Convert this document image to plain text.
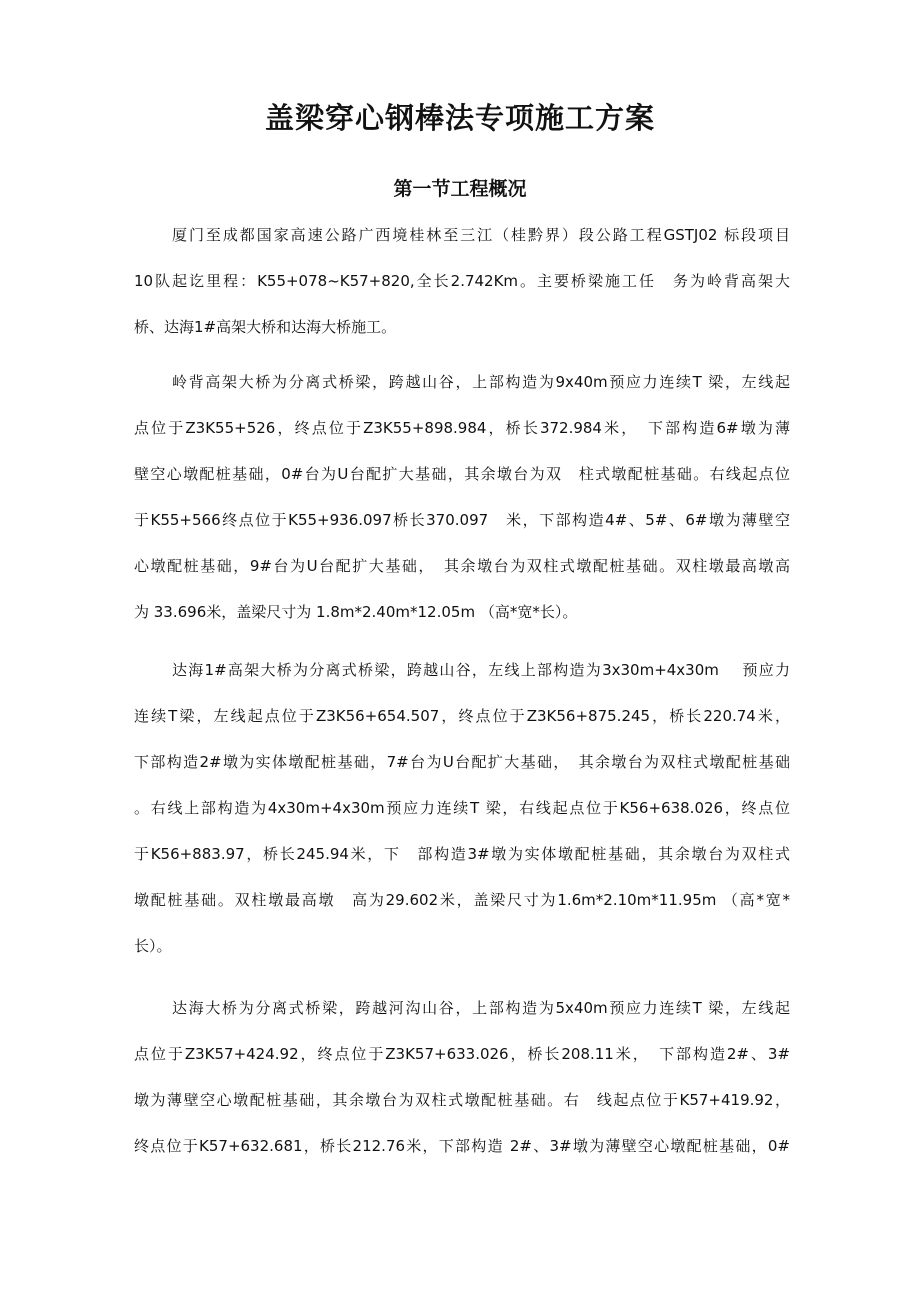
盖梁穿心钢棒法专项施工方案
第一节工程概况
厦门至成都国家高速公路广西境桂林至三江（桂黔界）段公路工程GSTJ02 标段项目
10队起讫里程：K55+078~K57+820,全长2.742Km。主要桥梁施工任　务为岭背高架大
桥、达海1#高架大桥和达海大桥施工。
岭背高架大桥为分离式桥梁，跨越山谷，上部构造为9x40m预应力连续T 梁，左线起
点位于Z3K55+526，终点位于Z3K55+898.984，桥长372.984米，　下部构造6#墩为薄
壁空心墩配桩基础，0#台为U台配扩大基础，其余墩台为双　柱式墩配桩基础。右线起点位
于K55+566终点位于K55+936.097桥长370.097　米，下部构造4#、5#、6#墩为薄壁空
心墩配桩基础，9#台为U台配扩大基础，　其余墩台为双柱式墩配桩基础。双柱墩最高墩高
为 33.696米，盖梁尺寸为 1.8m*2.40m*12.05m （高*宽*长）。
达海1#高架大桥为分离式桥梁，跨越山谷，左线上部构造为3x30m+4x30m　 预应力
连续T梁，左线起点位于Z3K56+654.507，终点位于Z3K56+875.245，桥长220.74米，
下部构造2#墩为实体墩配桩基础，7#台为U台配扩大基础，　其余墩台为双柱式墩配桩基础
。右线上部构造为4x30m+4x30m预应力连续T 梁，右线起点位于K56+638.026，终点位
于K56+883.97，桥长245.94米，下　部构造3#墩为实体墩配桩基础，其余墩台为双柱式
墩配桩基础。双柱墩最高墩　高为29.602米，盖梁尺寸为1.6m*2.10m*11.95m （高*宽*
长）。
达海大桥为分离式桥梁，跨越河沟山谷，上部构造为5x40m预应力连续T 梁，左线起
点位于Z3K57+424.92，终点位于Z3K57+633.026，桥长208.11米，　下部构造2#、3#
墩为薄壁空心墩配桩基础，其余墩台为双柱式墩配桩基础。右　线起点位于K57+419.92，
终点位于K57+632.681，桥长212.76米，下部构造 2#、3#墩为薄壁空心墩配桩基础，0#
